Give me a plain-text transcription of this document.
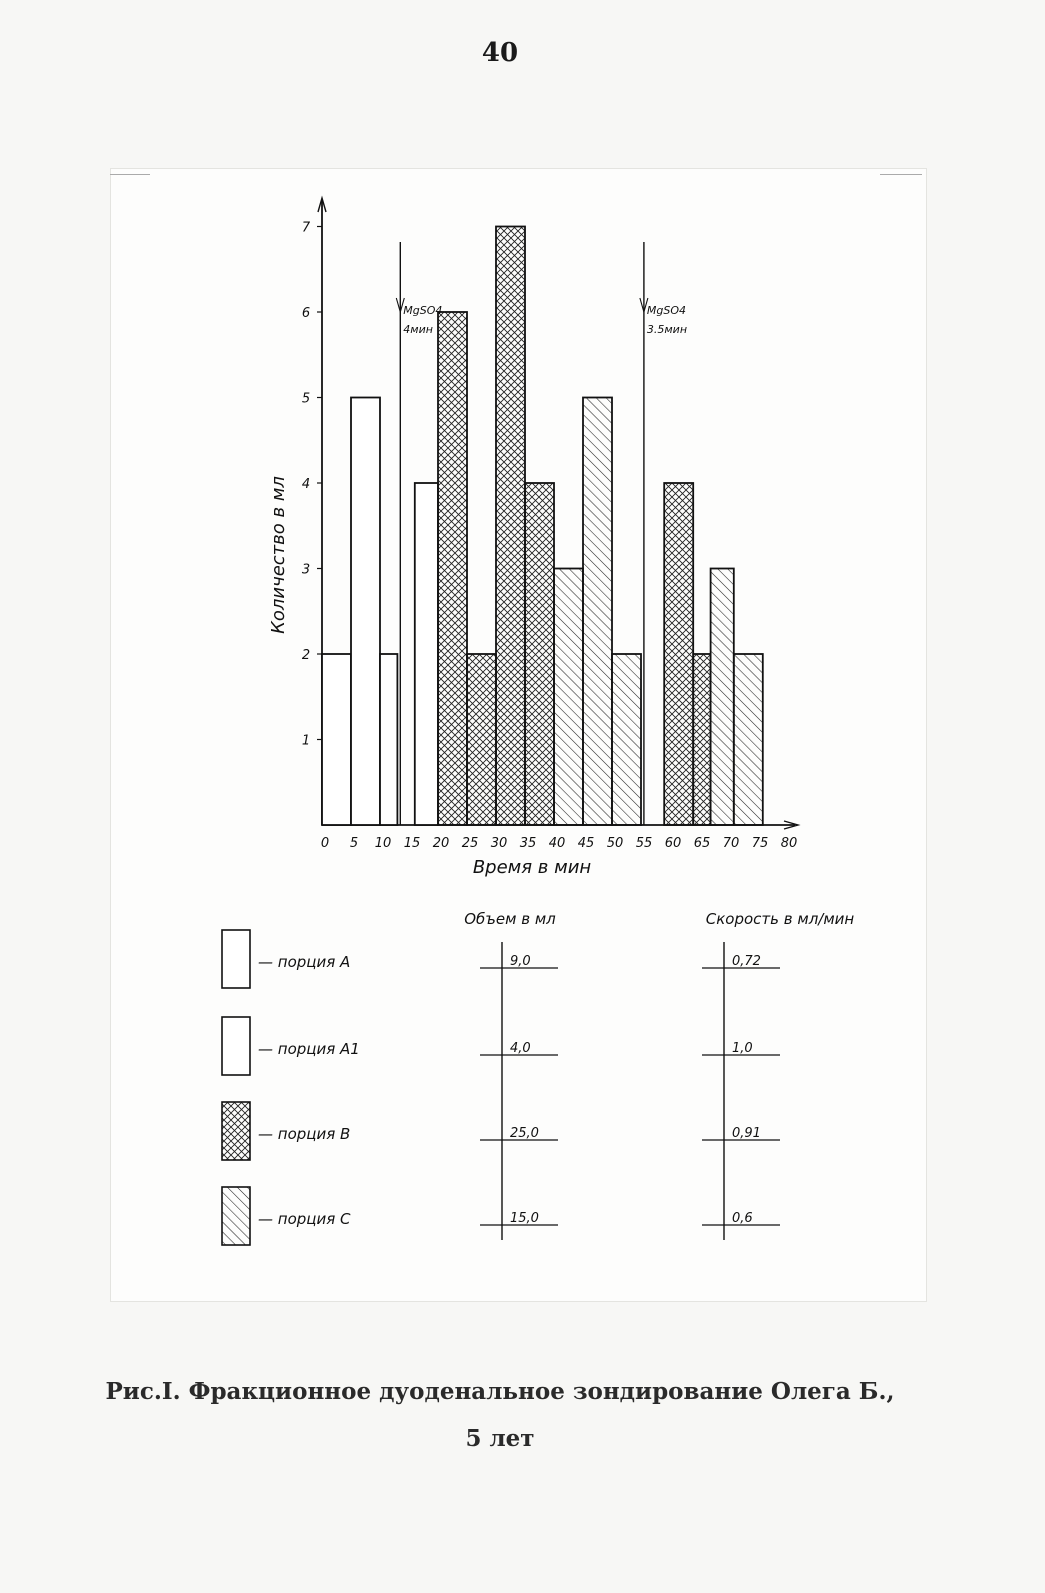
40
MgSO4
4мин
MgSO4
3.5мин
1
2
3
4
5
6
7
0 5 10 15 20 25 30 35 40 45 50 55 60 65 70 75 80
Время в мин
Количество в мл
Объем в мл	Скорость в мл/мин
— порция A	9,0	0,72
— порция A1	4,0	1,0
— порция B	25,0	0,91
— порция C	15,0	0,6
Рис.I. Фракционное дуоденальное зондирование Олега Б.,
5 лет
